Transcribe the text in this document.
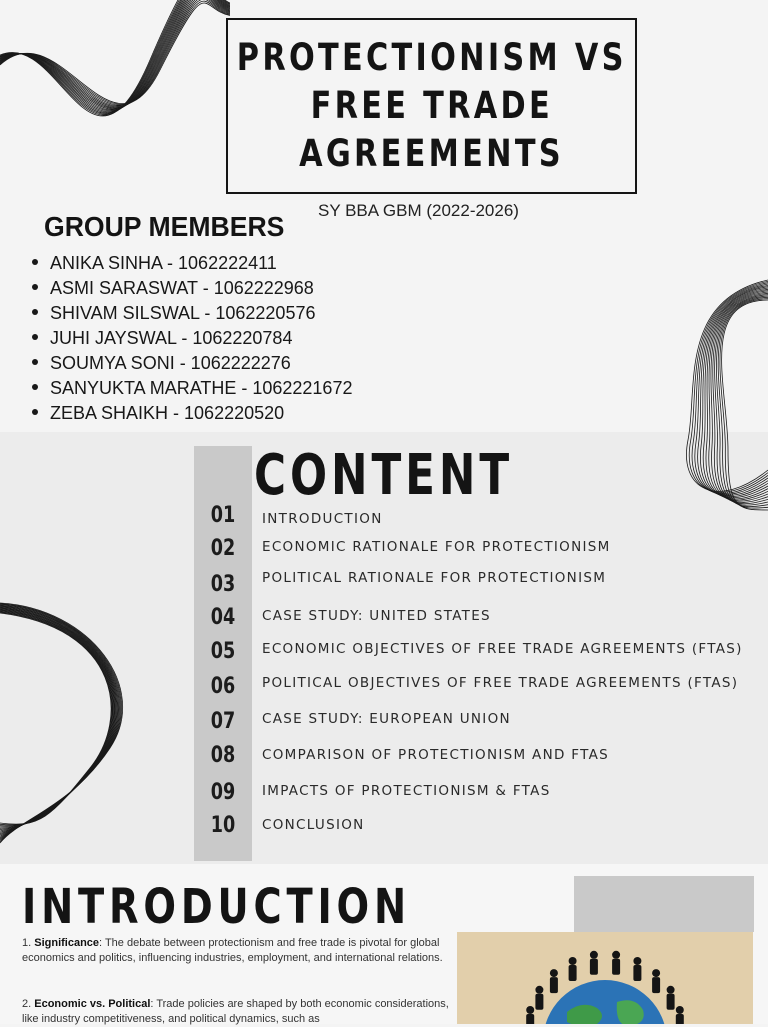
PROTECTIONISM VS
FREE TRADE
AGREEMENTS
SY BBA GBM (2022-2026)
GROUP MEMBERS
ANIKA SINHA - 1062222411
ASMI SARASWAT - 1062222968
SHIVAM SILSWAL - 1062220576
JUHI JAYSWAL - 1062220784
SOUMYA SONI - 1062222276
SANYUKTA MARATHE - 1062221672
ZEBA SHAIKH - 1062220520
CONTENT
01	INTRODUCTION
02	ECONOMIC RATIONALE FOR PROTECTIONISM
03	POLITICAL RATIONALE FOR PROTECTIONISM
04	CASE STUDY: UNITED STATES
05	ECONOMIC OBJECTIVES OF FREE TRADE AGREEMENTS (FTAS)
06	POLITICAL OBJECTIVES OF FREE TRADE AGREEMENTS (FTAS)
07	CASE STUDY: EUROPEAN UNION
08	COMPARISON OF PROTECTIONISM AND FTAS
09	IMPACTS OF PROTECTIONISM & FTAS
10	CONCLUSION
INTRODUCTION
1. Significance: The debate between protectionism and free trade is pivotal for global economics and politics, influencing industries, employment, and international relations.
2. Economic vs. Political: Trade policies are shaped by both economic considerations, like industry competitiveness, and political dynamics, such as
